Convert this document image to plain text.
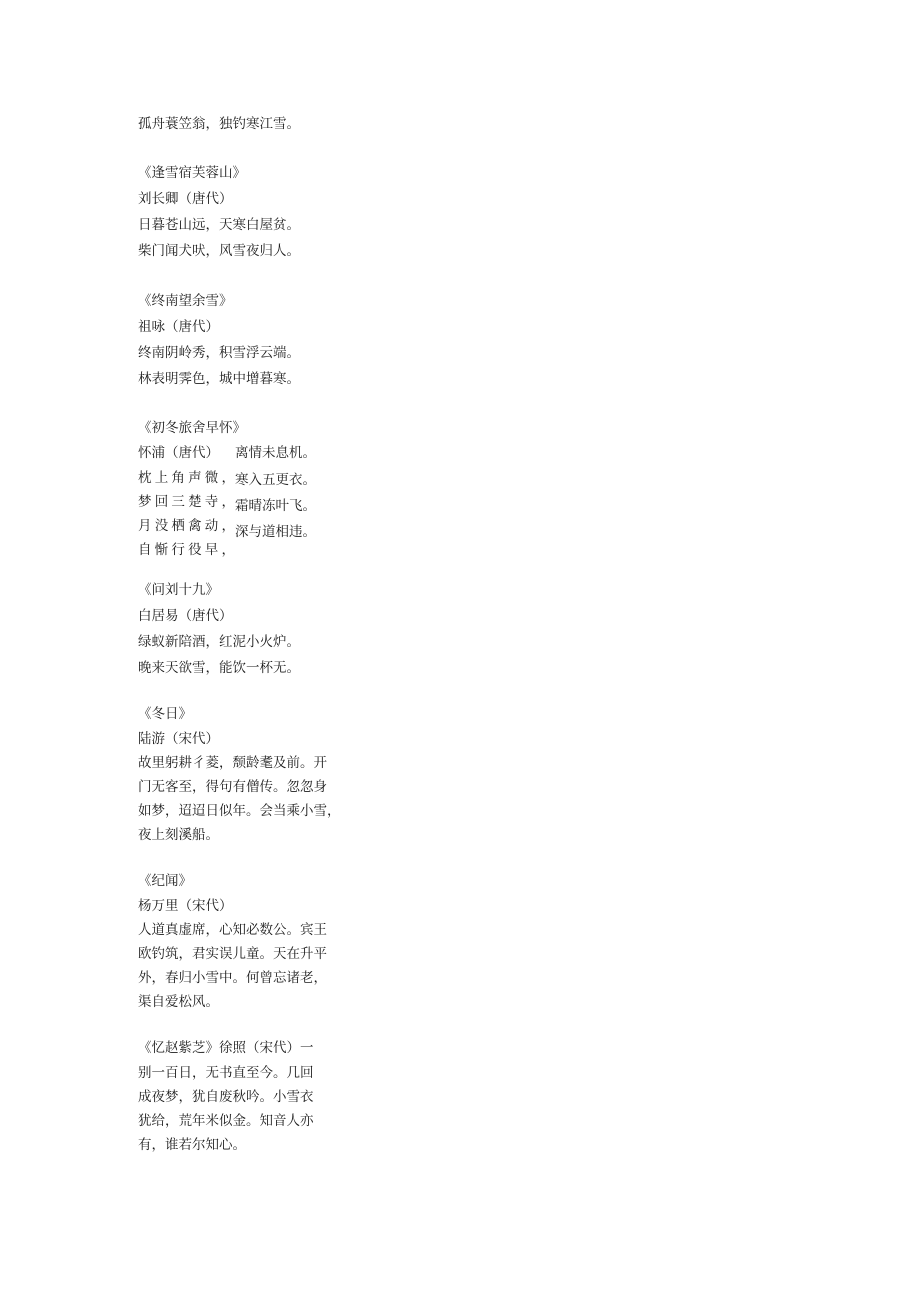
孤舟蓑笠翁，独钓寒江雪。
《逢雪宿芙蓉山》
刘长卿（唐代）
日暮苍山远，天寒白屋贫。
柴门闻犬吠，风雪夜归人。
《终南望余雪》
祖咏（唐代）
终南阴岭秀，积雪浮云端。
林表明霁色，城中增暮寒。
《初冬旅舍早怀》
怀浦（唐代） 离情未息机。
枕上角声微，
寒入五更衣。
梦回三楚寺，
霜晴冻叶飞。
月没栖禽动，
深与道相违。
自惭行役早，
《问刘十九》
白居易（唐代）
绿蚁新陪酒，红泥小火炉。
晚来天欲雪，能饮一杯无。
《冬日》
陆游（宋代）
故里躬耕彳菱，颓龄耄及前。开
门无客至，得句有僧传。忽忽身
如梦，迢迢日似年。会当乘小雪，
夜上刻溪船。
《纪闻》
杨万里（宋代）
人道真虚席，心知必数公。宾王
欧钓筑，君实误儿童。天在升平
外，春归小雪中。何曾忘诸老，
渠自爱松风。
《忆赵紫芝》徐照（宋代）一
别一百日，无书直至今。几回
成夜梦，犹自废秋吟。小雪衣
犹给，荒年米似金。知音人亦
有，谁若尔知心。
